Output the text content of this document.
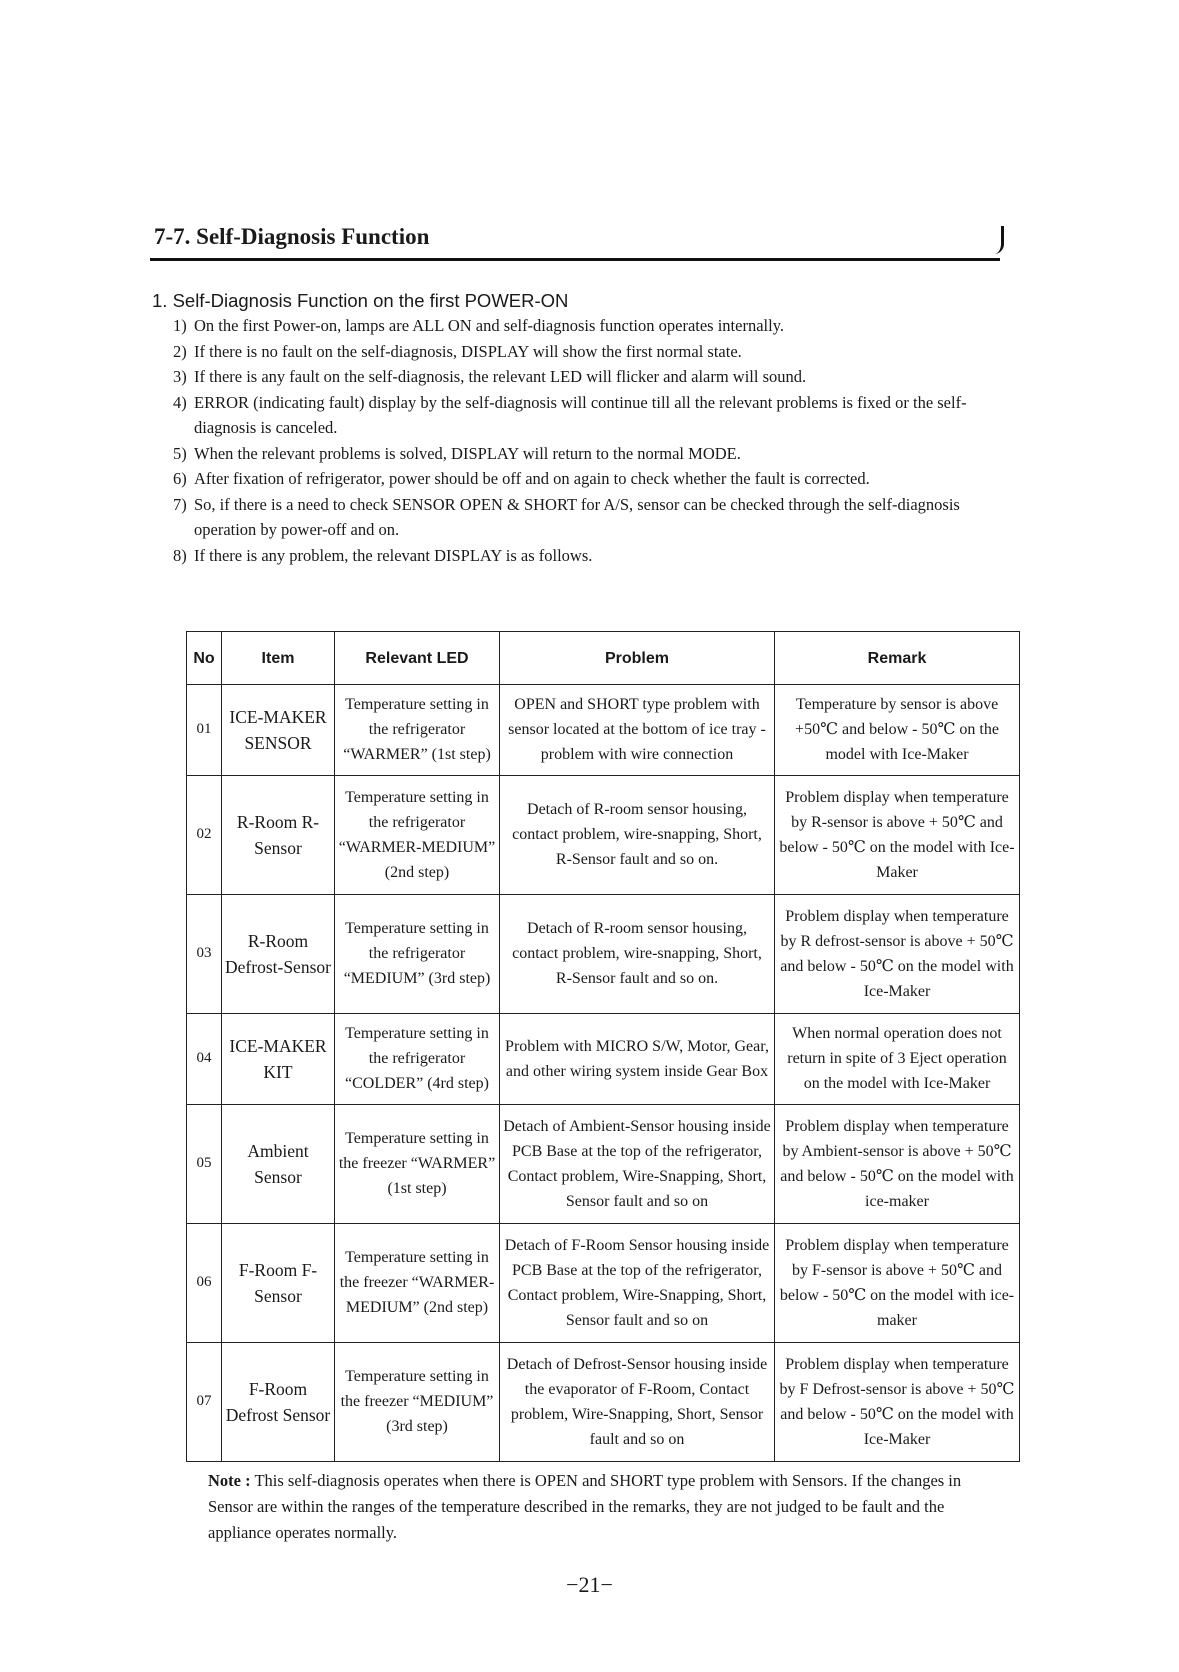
7-7. Self-Diagnosis Function
1. Self-Diagnosis Function on the first POWER-ON
1) On the first Power-on, lamps are ALL ON and self-diagnosis function operates internally.
2) If there is no fault on the self-diagnosis, DISPLAY will show the first normal state.
3) If there is any fault on the self-diagnosis, the relevant LED will flicker and alarm will sound.
4) ERROR (indicating fault) display by the self-diagnosis will continue till all the relevant problems is fixed or the self-diagnosis is canceled.
5) When the relevant problems is solved, DISPLAY will return to the normal MODE.
6) After fixation of refrigerator, power should be off and on again to check whether the fault is corrected.
7) So, if there is a need to check SENSOR OPEN & SHORT for A/S, sensor can be checked through the self-diagnosis operation by power-off and on.
8) If there is any problem, the relevant DISPLAY is as follows.
No	Item	Relevant LED	Problem	Remark
01	ICE-MAKER SENSOR	Temperature setting in the refrigerator “WARMER” (1st step)	OPEN and SHORT type problem with sensor located at the bottom of ice tray - problem with wire connection	Temperature by sensor is above +50℃ and below - 50℃ on the model with Ice-Maker
02	R-Room R-Sensor	Temperature setting in the refrigerator “WARMER-MEDIUM” (2nd step)	Detach of R-room sensor housing, contact problem, wire-snapping, Short, R-Sensor fault and so on.	Problem display when temperature by R-sensor is above + 50℃ and below - 50℃ on the model with Ice-Maker
03	R-Room Defrost-Sensor	Temperature setting in the refrigerator “MEDIUM” (3rd step)	Detach of R-room sensor housing, contact problem, wire-snapping, Short, R-Sensor fault and so on.	Problem display when temperature by R defrost-sensor is above + 50℃ and below - 50℃ on the model with Ice-Maker
04	ICE-MAKER KIT	Temperature setting in the refrigerator “COLDER” (4rd step)	Problem with MICRO S/W, Motor, Gear, and other wiring system inside Gear Box	When normal operation does not return in spite of 3 Eject operation on the model with Ice-Maker
05	Ambient Sensor	Temperature setting in the freezer “WARMER” (1st step)	Detach of Ambient-Sensor housing inside PCB Base at the top of the refrigerator, Contact problem, Wire-Snapping, Short, Sensor fault and so on	Problem display when temperature by Ambient-sensor is above + 50℃ and below - 50℃ on the model with ice-maker
06	F-Room F-Sensor	Temperature setting in the freezer “WARMER-MEDIUM” (2nd step)	Detach of F-Room Sensor housing inside PCB Base at the top of the refrigerator, Contact problem, Wire-Snapping, Short, Sensor fault and so on	Problem display when temperature by F-sensor is above + 50℃ and below - 50℃ on the model with ice-maker
07	F-Room Defrost Sensor	Temperature setting in the freezer “MEDIUM” (3rd step)	Detach of Defrost-Sensor housing inside the evaporator of F-Room, Contact problem, Wire-Snapping, Short, Sensor fault and so on	Problem display when temperature by F Defrost-sensor is above + 50℃ and below - 50℃ on the model with Ice-Maker
Note : This self-diagnosis operates when there is OPEN and SHORT type problem with Sensors. If the changes in Sensor are within the ranges of the temperature described in the remarks, they are not judged to be fault and the appliance operates normally.
−21−
